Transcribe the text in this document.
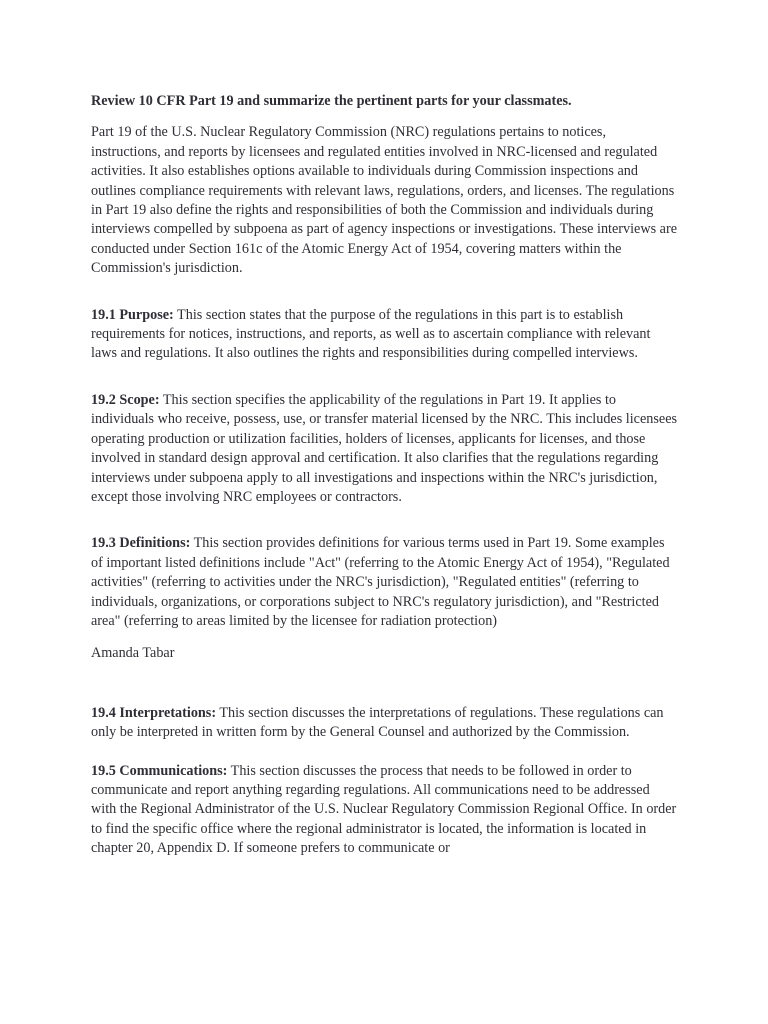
Review 10 CFR Part 19 and summarize the pertinent parts for your classmates.

Part 19 of the U.S. Nuclear Regulatory Commission (NRC) regulations pertains to notices, instructions, and reports by licensees and regulated entities involved in NRC-licensed and regulated activities. It also establishes options available to individuals during Commission inspections and outlines compliance requirements with relevant laws, regulations, orders, and licenses. The regulations in Part 19 also define the rights and responsibilities of both the Commission and individuals during interviews compelled by subpoena as part of agency inspections or investigations. These interviews are conducted under Section 161c of the Atomic Energy Act of 1954, covering matters within the Commission's jurisdiction.

19.1 Purpose: This section states that the purpose of the regulations in this part is to establish requirements for notices, instructions, and reports, as well as to ascertain compliance with relevant laws and regulations. It also outlines the rights and responsibilities during compelled interviews.

19.2 Scope: This section specifies the applicability of the regulations in Part 19. It applies to individuals who receive, possess, use, or transfer material licensed by the NRC. This includes licensees operating production or utilization facilities, holders of licenses, applicants for licenses, and those involved in standard design approval and certification. It also clarifies that the regulations regarding interviews under subpoena apply to all investigations and inspections within the NRC's jurisdiction, except those involving NRC employees or contractors.

19.3 Definitions: This section provides definitions for various terms used in Part 19. Some examples of important listed definitions include "Act" (referring to the Atomic Energy Act of 1954), "Regulated activities" (referring to activities under the NRC's jurisdiction), "Regulated entities" (referring to individuals, organizations, or corporations subject to NRC's regulatory jurisdiction), and "Restricted area" (referring to areas limited by the licensee for radiation protection)

Amanda Tabar

19.4 Interpretations: This section discusses the interpretations of regulations. These regulations can only be interpreted in written form by the General Counsel and authorized by the Commission.

19.5 Communications: This section discusses the process that needs to be followed in order to communicate and report anything regarding regulations. All communications need to be addressed with the Regional Administrator of the U.S. Nuclear Regulatory Commission Regional Office. In order to find the specific office where the regional administrator is located, the information is located in chapter 20, Appendix D. If someone prefers to communicate or
